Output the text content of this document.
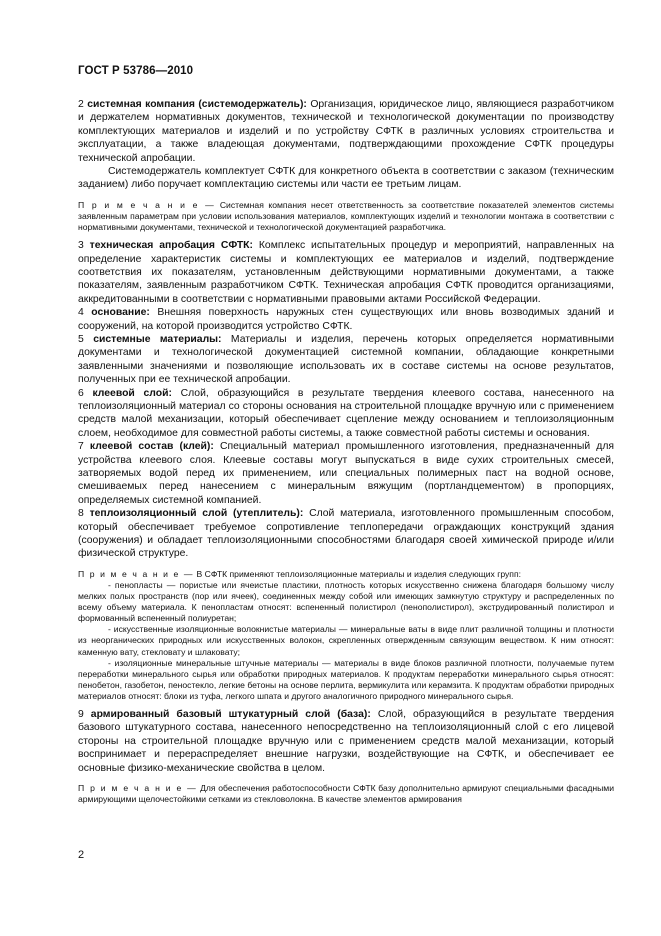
ГОСТ Р 53786—2010

2 системная компания (системодержатель): Организация, юридическое лицо, являющиеся разработчиком и держателем нормативных документов, технической и технологической документации по производству комплектующих материалов и изделий и по устройству СФТК в различных условиях строительства и эксплуатации, а также владеющая документами, подтверждающими прохождение СФТК процедуры технической апробации.

Системодержатель комплектует СФТК для конкретного объекта в соответствии с заказом (техническим заданием) либо поручает комплектацию системы или части ее третьим лицам.

П р и м е ч а н и е — Системная компания несет ответственность за соответствие показателей элементов системы заявленным параметрам при условии использования материалов, комплектующих изделий и технологии монтажа в соответствии с нормативными документами, технической и технологической документацией разработчика.

3 техническая апробация СФТК: Комплекс испытательных процедур и мероприятий, направленных на определение характеристик системы и комплектующих ее материалов и изделий, подтверждение соответствия их показателям, установленным действующими нормативными документами, а также показателям, заявленным разработчиком СФТК. Техническая апробация СФТК проводится организациями, аккредитованными в соответствии с нормативными правовыми актами Российской Федерации.

4 основание: Внешняя поверхность наружных стен существующих или вновь возводимых зданий и сооружений, на которой производится устройство СФТК.

5 системные материалы: Материалы и изделия, перечень которых определяется нормативными документами и технологической документацией системной компании, обладающие конкретными заявленными значениями и позволяющие использовать их в составе системы на основе результатов, полученных при ее технической апробации.

6 клеевой слой: Слой, образующийся в результате твердения клеевого состава, нанесенного на теплоизоляционный материал со стороны основания на строительной площадке вручную или с применением средств малой механизации, который обеспечивает сцепление между основанием и теплоизоляционным слоем, необходимое для совместной работы системы, а также совместной работы системы и основания.

7 клеевой состав (клей): Специальный материал промышленного изготовления, предназначенный для устройства клеевого слоя. Клеевые составы могут выпускаться в виде сухих строительных смесей, затворяемых водой перед их применением, или специальных полимерных паст на водной основе, смешиваемых перед нанесением с минеральным вяжущим (портландцементом) в пропорциях, определяемых системной компанией.

8 теплоизоляционный слой (утеплитель): Слой материала, изготовленного промышленным способом, который обеспечивает требуемое сопротивление теплопередачи ограждающих конструкций здания (сооружения) и обладает теплоизоляционными способностями благодаря своей химической природе и/или физической структуре.

П р и м е ч а н и е — В СФТК применяют теплоизоляционные материалы и изделия следующих групп:

- пенопласты — пористые или ячеистые пластики, плотность которых искусственно снижена благодаря большому числу мелких полых пространств (пор или ячеек), соединенных между собой или имеющих замкнутую структуру и распределенных по всему объему материала. К пенопластам относят: вспененный полистирол (пенополистирол), экструдированный полистирол и формованный вспененный полиуретан;

- искусственные изоляционные волокнистые материалы — минеральные ваты в виде плит различной толщины и плотности из неорганических природных или искусственных волокон, скрепленных отвержденным связующим веществом. К ним относят: каменную вату, стекловату и шлаковату;

- изоляционные минеральные штучные материалы — материалы в виде блоков различной плотности, получаемые путем переработки минерального сырья или обработки природных материалов. К продуктам переработки минерального сырья относят: пенобетон, газобетон, пеностекло, легкие бетоны на основе перлита, вермикулита или керамзита. К продуктам обработки природных материалов относят: блоки из туфа, легкого шпата и другого аналогичного природного минерального сырья.

9 армированный базовый штукатурный слой (база): Слой, образующийся в результате твердения базового штукатурного состава, нанесенного непосредственно на теплоизоляционный слой с его лицевой стороны на строительной площадке вручную или с применением средств малой механизации, который воспринимает и перераспределяет внешние нагрузки, воздействующие на СФТК, и обеспечивает ее основные физико-механические свойства в целом.

П р и м е ч а н и е — Для обеспечения работоспособности СФТК базу дополнительно армируют специальными фасадными армирующими щелочестойкими сетками из стекловолокна. В качестве элементов армирования

2
